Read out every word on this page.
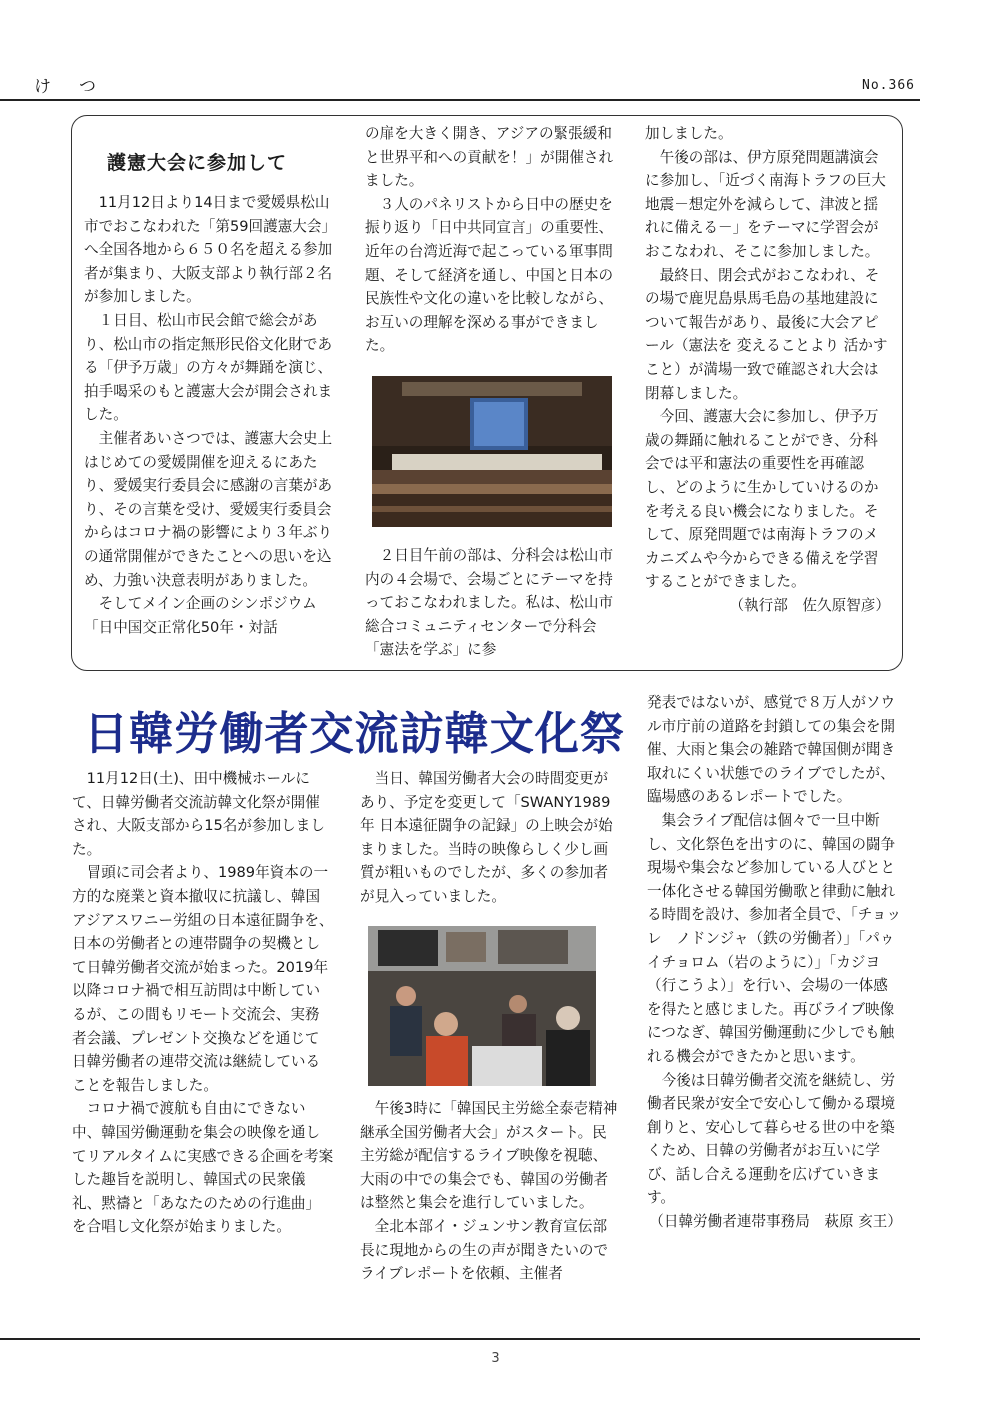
けつ	No.366
護憲大会に参加して

11月12日より14日まで愛媛県松山市でおこなわれた「第59回護憲大会」へ全国各地から６５０名を超える参加者が集まり、大阪支部より執行部２名が参加しました。

１日目、松山市民会館で総会があり、松山市の指定無形民俗文化財である「伊予万歳」の方々が舞踊を演じ、拍手喝采のもと護憲大会が開会されました。

主催者あいさつでは、護憲大会史上はじめての愛媛開催を迎えるにあたり、愛媛実行委員会に感謝の言葉があり、その言葉を受け、愛媛実行委員会からはコロナ禍の影響により３年ぶりの通常開催ができたことへの思いを込め、力強い決意表明がありました。

そしてメイン企画のシンポジウム「日中国交正常化50年・対話

の扉を大きく開き、アジアの緊張緩和と世界平和への貢献を！」が開催されました。

３人のパネリストから日中の歴史を振り返り「日中共同宣言」の重要性、近年の台湾近海で起こっている軍事問題、そして経済を通し、中国と日本の民族性や文化の違いを比較しながら、お互いの理解を深める事ができました。

２日目午前の部は、分科会は松山市内の４会場で、会場ごとにテーマを持っておこなわれました。私は、松山市総合コミュニティセンターで分科会「憲法を学ぶ」に参

加しました。

午後の部は、伊方原発問題講演会に参加し、「近づく南海トラフの巨大地震－想定外を減らして、津波と揺れに備える－」をテーマに学習会がおこなわれ、そこに参加しました。

最終日、閉会式がおこなわれ、その場で鹿児島県馬毛島の基地建設について報告があり、最後に大会アピール（憲法を 変えることより 活かすこと）が満場一致で確認され大会は閉幕しました。

今回、護憲大会に参加し、伊予万歳の舞踊に触れることができ、分科会では平和憲法の重要性を再確認し、どのように生かしていけるのかを考える良い機会になりました。そして、原発問題では南海トラフのメカニズムや今からできる備えを学習することができました。

（執行部　佐久原智彦）

日韓労働者交流訪韓文化祭

11月12日(土)、田中機械ホールにて、日韓労働者交流訪韓文化祭が開催され、大阪支部から15名が参加しました。

冒頭に司会者より、1989年資本の一方的な廃業と資本撤収に抗議し、韓国アジアスワニー労組の日本遠征闘争を、日本の労働者との連帯闘争の契機として日韓労働者交流が始まった。2019年以降コロナ禍で相互訪問は中断しているが、この間もリモート交流会、実務者会議、プレゼント交換などを通じて日韓労働者の連帯交流は継続していることを報告しました。

コロナ禍で渡航も自由にできない中、韓国労働運動を集会の映像を通してリアルタイムに実感できる企画を考案した趣旨を説明し、韓国式の民衆儀礼、黙禱と「あなたのための行進曲」を合唱し文化祭が始まりました。

当日、韓国労働者大会の時間変更があり、予定を変更して「SWANY1989年 日本遠征闘争の記録」の上映会が始まりました。当時の映像らしく少し画質が粗いものでしたが、多くの参加者が見入っていました。

午後3時に「韓国民主労総全泰壱精神継承全国労働者大会」がスタート。民主労総が配信するライブ映像を視聴、大雨の中での集会でも、韓国の労働者は整然と集会を進行していました。

全北本部イ・ジュンサン教育宣伝部長に現地からの生の声が聞きたいのでライブレポートを依頼、主催者

発表ではないが、感覚で８万人がソウル市庁前の道路を封鎖しての集会を開催、大雨と集会の雑踏で韓国側が聞き取れにくい状態でのライブでしたが、臨場感のあるレポートでした。

集会ライブ配信は個々で一旦中断し、文化祭色を出すのに、韓国の闘争現場や集会など参加している人びとと一体化させる韓国労働歌と律動に触れる時間を設け、参加者全員で、「チョッレ　ノドンジャ（鉄の労働者）」「パゥイチョロム（岩のように）」「カジヨ（行こうよ）」を行い、会場の一体感を得たと感じました。再びライブ映像につなぎ、韓国労働運動に少しでも触れる機会ができたかと思います。

今後は日韓労働者交流を継続し、労働者民衆が安全で安心して働かる環境創りと、安心して暮らせる世の中を築くため、日韓の労働者がお互いに学び、話し合える運動を広げていきます。

（日韓労働者連帯事務局　萩原 亥王）

3
